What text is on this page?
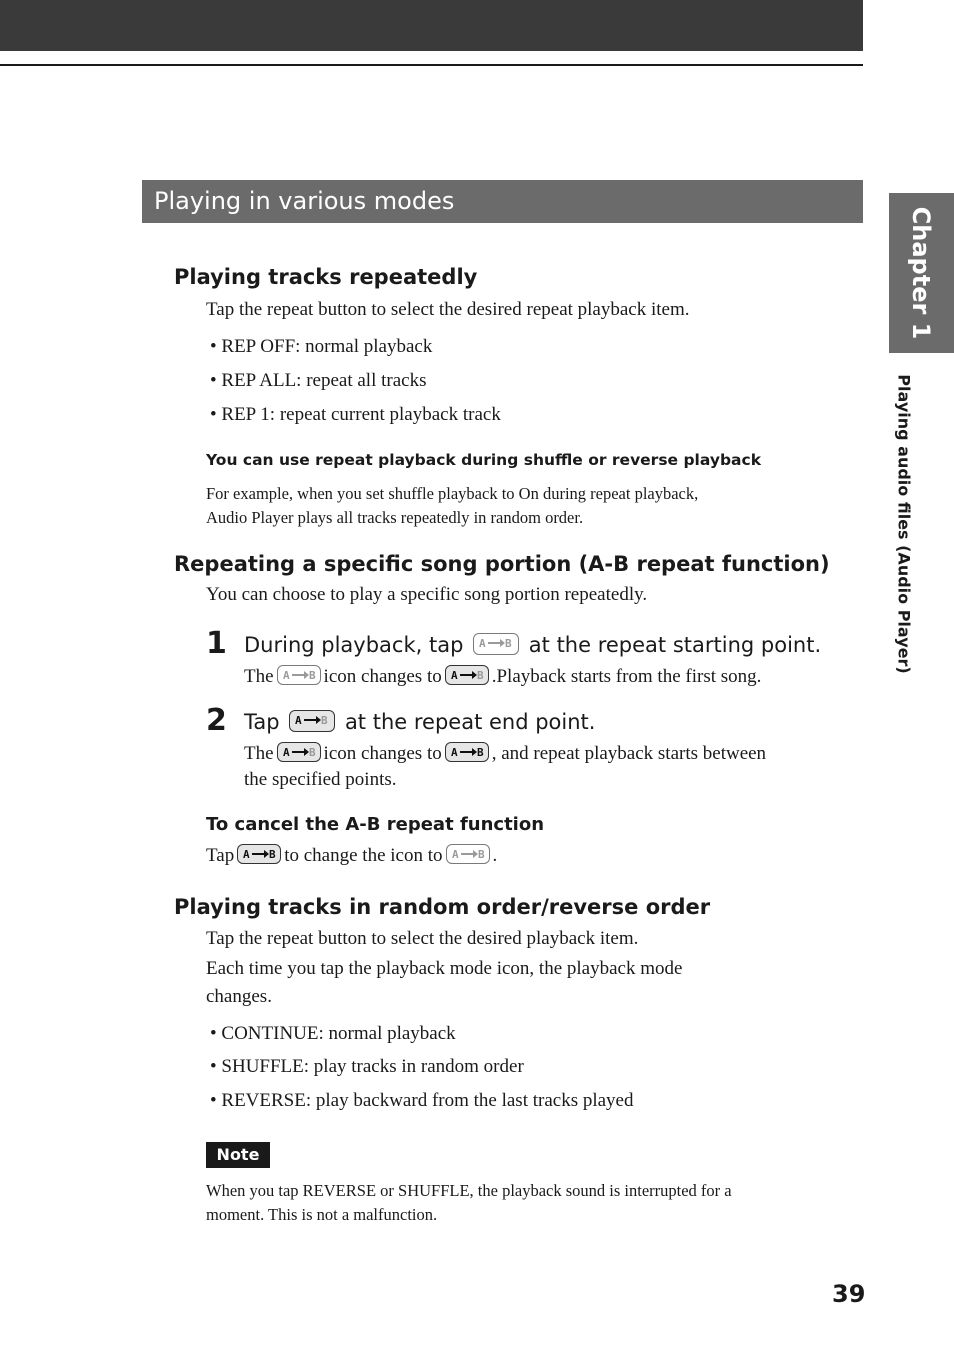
Playing in various modes
Chapter 1
Playing audio files (Audio Player)
Playing tracks repeatedly
Tap the repeat button to select the desired repeat playback item.
• REP OFF: normal playback
• REP ALL: repeat all tracks
• REP 1: repeat current playback track
You can use repeat playback during shuffle or reverse playback
For example, when you set shuffle playback to On during repeat playback,
Audio Player plays all tracks repeatedly in random order.
Repeating a specific song portion (A-B repeat function)
You can choose to play a specific song portion repeatedly.
1 During playback, tap A B at the repeat starting point.
The A B icon changes to A B .Playback starts from the first song.
2 Tap A B at the repeat end point.
The A B icon changes to A B , and repeat playback starts between
the specified points.
To cancel the A-B repeat function
Tap A B to change the icon to A B .
Playing tracks in random order/reverse order
Tap the repeat button to select the desired playback item.
Each time you tap the playback mode icon, the playback mode
changes.
• CONTINUE: normal playback
• SHUFFLE: play tracks in random order
• REVERSE: play backward from the last tracks played
Note
When you tap REVERSE or SHUFFLE, the playback sound is interrupted for a
moment. This is not a malfunction.
39
